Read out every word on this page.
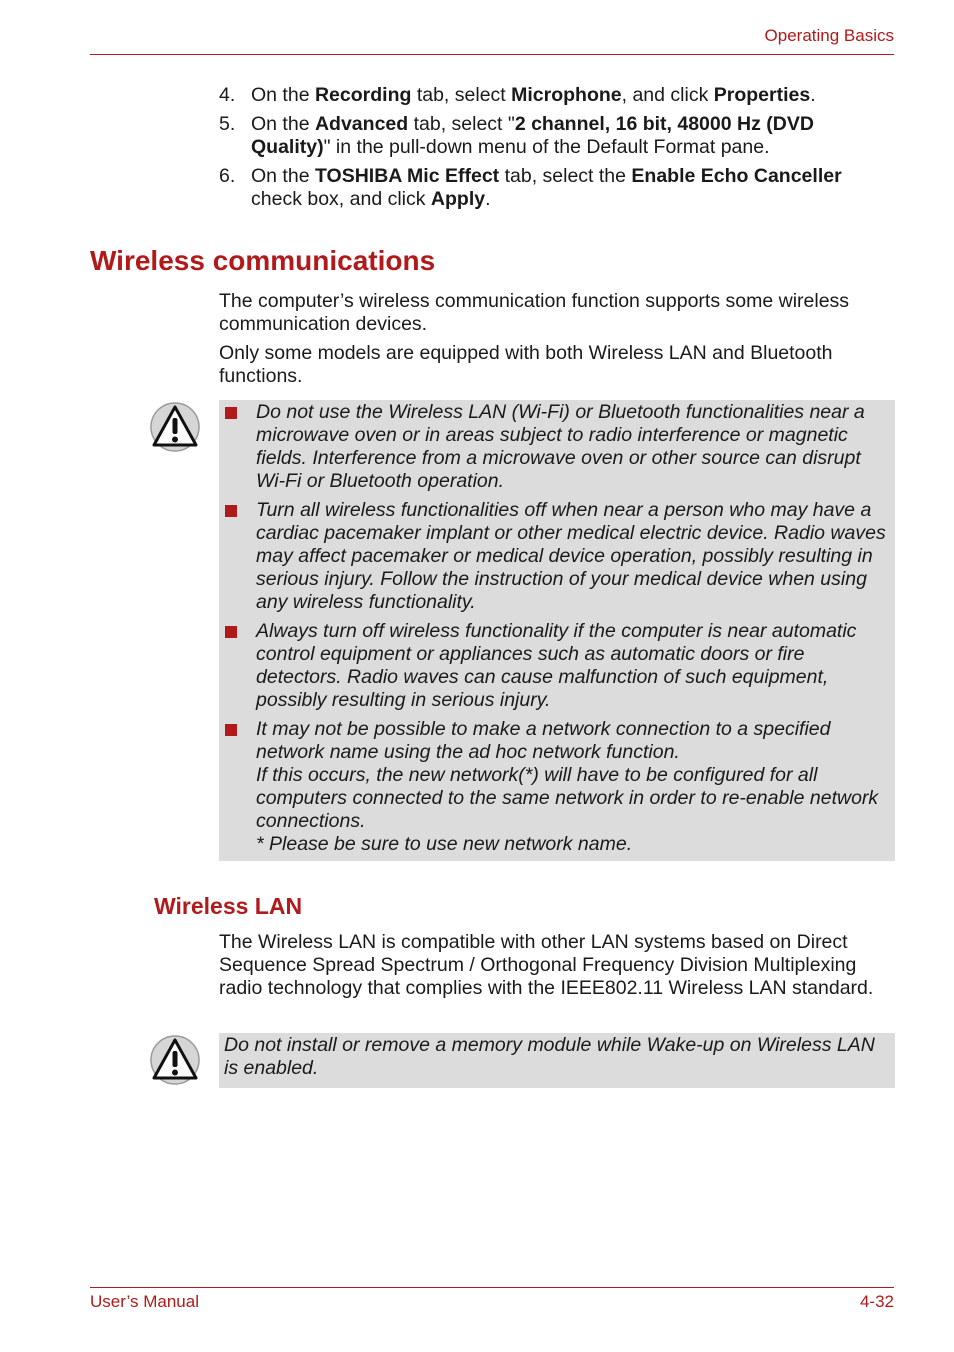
Operating Basics
4. On the Recording tab, select Microphone, and click Properties.
5. On the Advanced tab, select "2 channel, 16 bit, 48000 Hz (DVD Quality)" in the pull-down menu of the Default Format pane.
6. On the TOSHIBA Mic Effect tab, select the Enable Echo Canceller check box, and click Apply.
Wireless communications
The computer’s wireless communication function supports some wireless communication devices.
Only some models are equipped with both Wireless LAN and Bluetooth functions.
Do not use the Wireless LAN (Wi-Fi) or Bluetooth functionalities near a microwave oven or in areas subject to radio interference or magnetic fields. Interference from a microwave oven or other source can disrupt Wi-Fi or Bluetooth operation.
Turn all wireless functionalities off when near a person who may have a cardiac pacemaker implant or other medical electric device. Radio waves may affect pacemaker or medical device operation, possibly resulting in serious injury. Follow the instruction of your medical device when using any wireless functionality.
Always turn off wireless functionality if the computer is near automatic control equipment or appliances such as automatic doors or fire detectors. Radio waves can cause malfunction of such equipment, possibly resulting in serious injury.
It may not be possible to make a network connection to a specified network name using the ad hoc network function.
If this occurs, the new network(*) will have to be configured for all computers connected to the same network in order to re-enable network connections.
* Please be sure to use new network name.
Wireless LAN
The Wireless LAN is compatible with other LAN systems based on Direct Sequence Spread Spectrum / Orthogonal Frequency Division Multiplexing radio technology that complies with the IEEE802.11 Wireless LAN standard.
Do not install or remove a memory module while Wake-up on Wireless LAN is enabled.
User’s Manual	4-32
